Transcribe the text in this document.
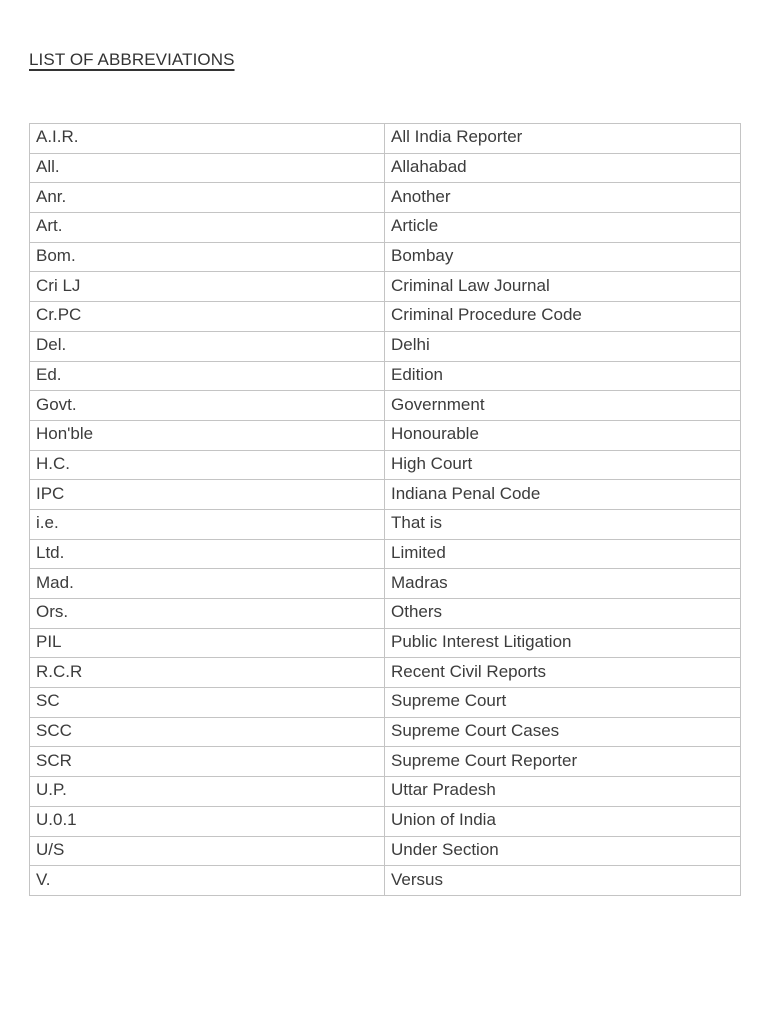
LIST OF ABBREVIATIONS
A.I.R.	All India Reporter
All.	Allahabad
Anr.	Another
Art.	Article
Bom.	Bombay
Cri LJ	Criminal Law Journal
Cr.PC	Criminal Procedure Code
Del.	Delhi
Ed.	Edition
Govt.	Government
Hon'ble	Honourable
H.C.	High Court
IPC	Indiana Penal Code
i.e.	That is
Ltd.	Limited
Mad.	Madras
Ors.	Others
PIL	Public Interest Litigation
R.C.R	Recent Civil Reports
SC	Supreme Court
SCC	Supreme Court Cases
SCR	Supreme Court Reporter
U.P.	Uttar Pradesh
U.0.1	Union of India
U/S	Under Section
V.	Versus
